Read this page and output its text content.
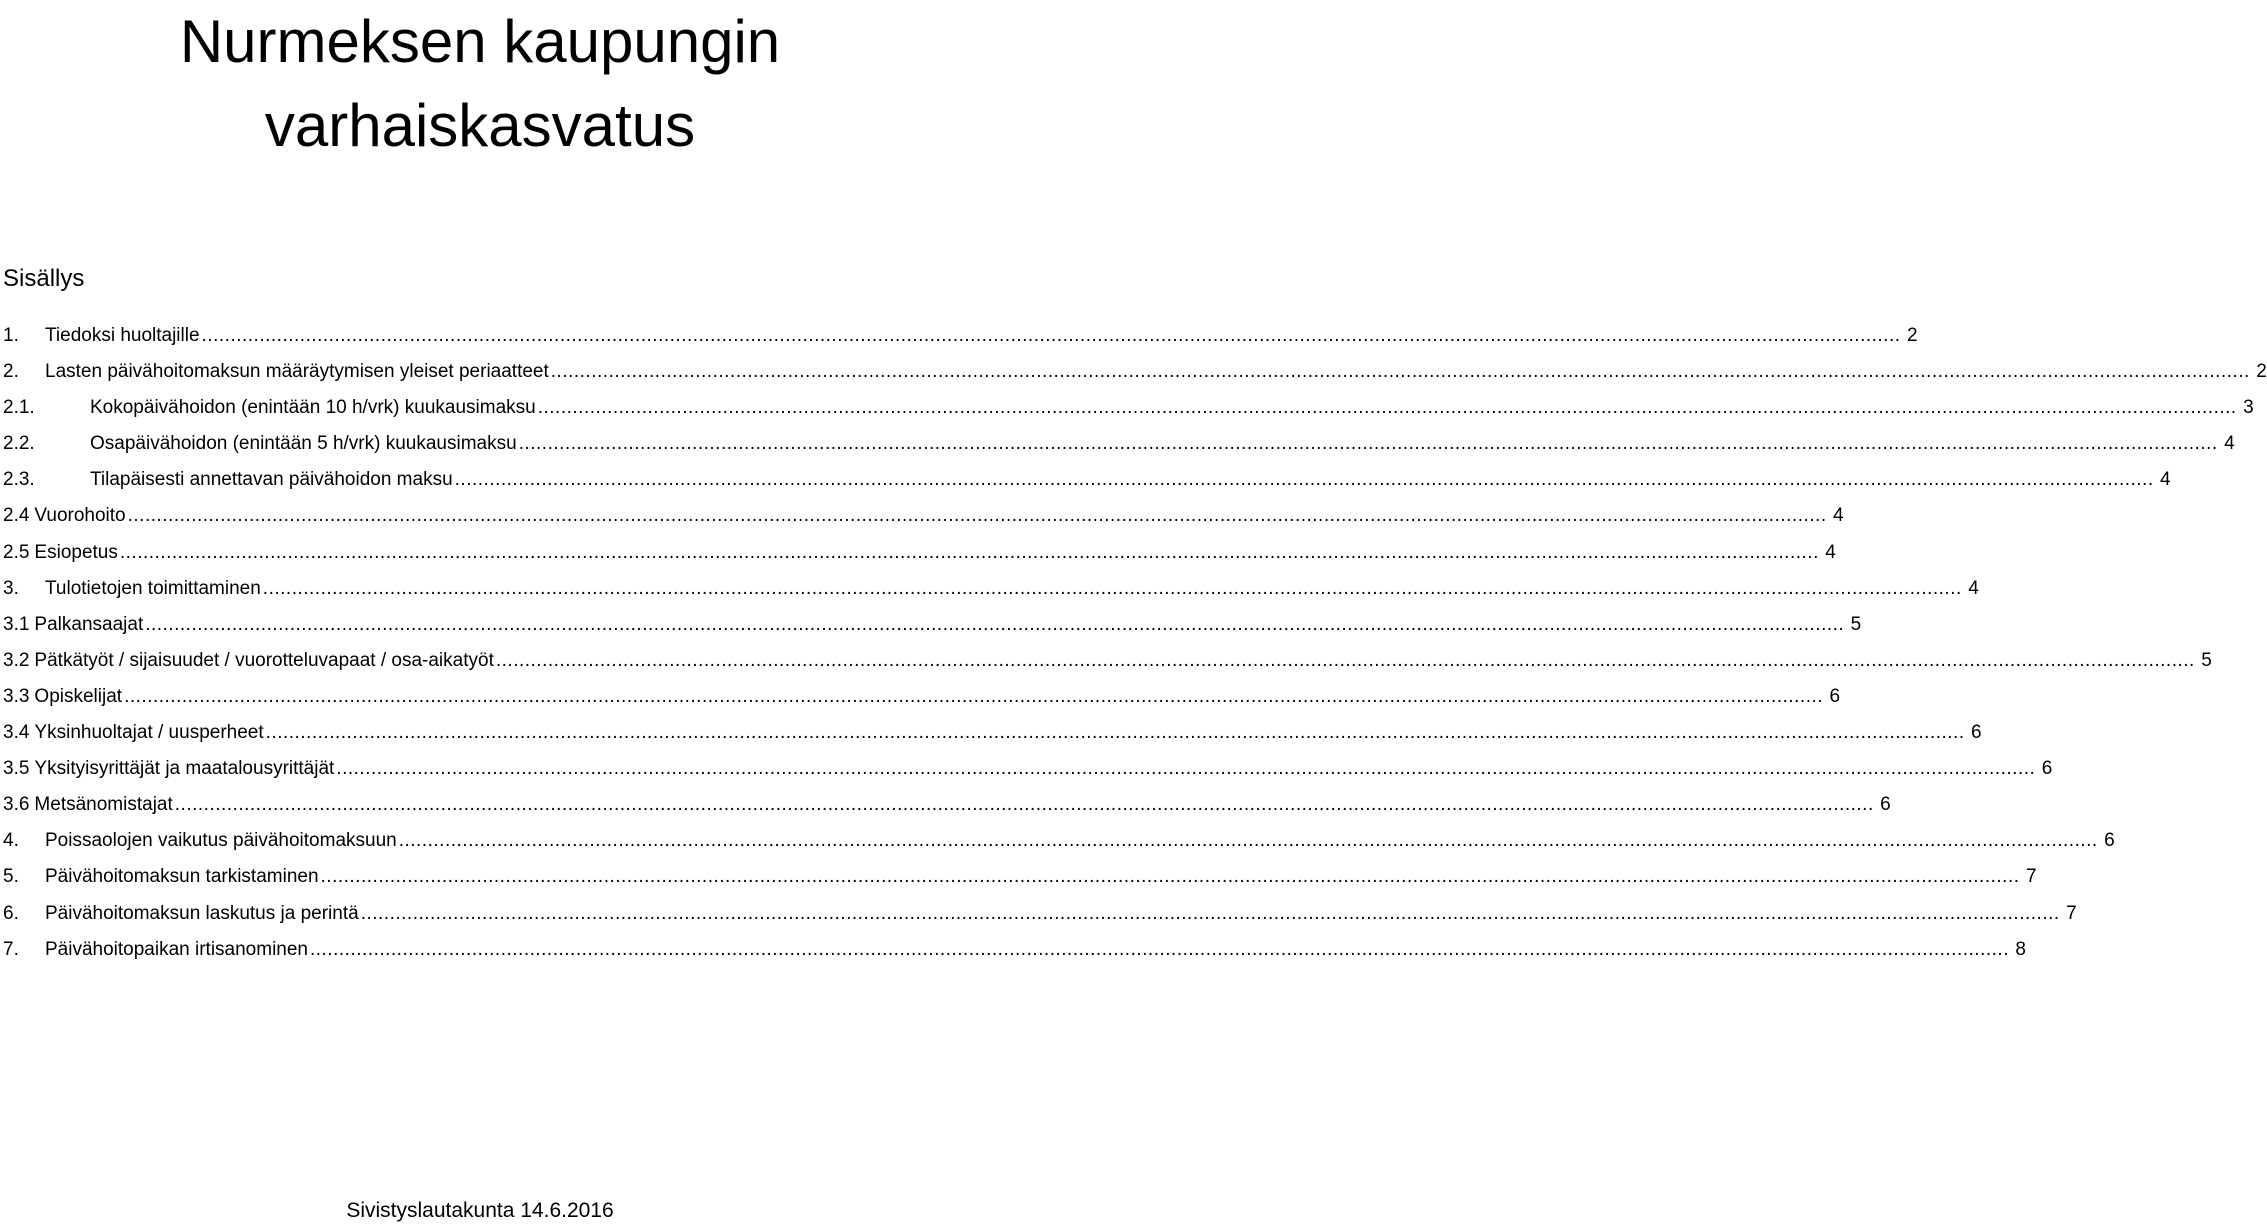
Nurmeksen kaupungin
varhaiskasvatus
Sisällys
1.	Tiedoksi huoltajille .....	2
2.	Lasten päivähoitomaksun määräytymisen yleiset periaatteet .....	2
2.1.	Kokopäivähoidon (enintään 10 h/vrk) kuukausimaksu .....	3
2.2.	Osapäivähoidon (enintään 5 h/vrk) kuukausimaksu .....	4
2.3.	Tilapäisesti annettavan päivähoidon maksu .....	4
2.4 Vuorohoito .....	4
2.5 Esiopetus .....	4
3.	Tulotietojen toimittaminen .....	4
3.1 Palkansaajat .....	5
3.2 Pätkätyöt / sijaisuudet / vuorotteluvapaat / osa-aikatyöt .....	5
3.3 Opiskelijat .....	6
3.4 Yksinhuoltajat / uusperheet .....	6
3.5 Yksityisyrittäjät ja maatalousyrittäjät .....	6
3.6 Metsänomistajat .....	6
4.	Poissaolojen vaikutus päivähoitomaksuun .....	6
5.	Päivähoitomaksun tarkistaminen .....	7
6.	Päivähoitomaksun laskutus ja perintä .....	7
7.	Päivähoitopaikan irtisanominen .....	8

Sivistyslautakunta 14.6.2016
